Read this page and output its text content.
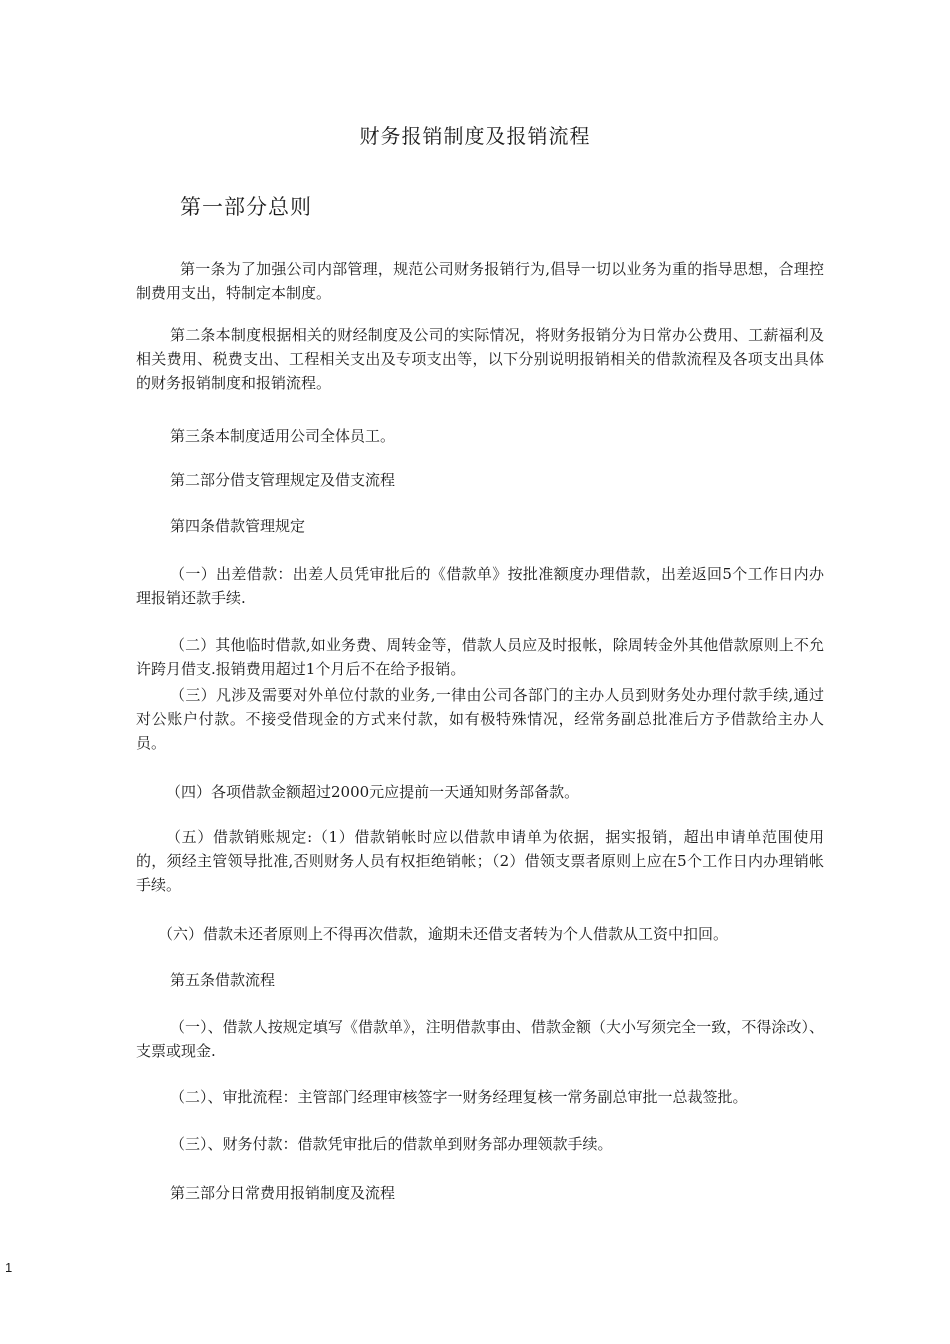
财务报销制度及报销流程
第一部分总则

第一条为了加强公司内部管理，规范公司财务报销行为,倡导一切以业务为重的指导思想，合理控制费用支出，特制定本制度。

第二条本制度根据相关的财经制度及公司的实际情况，将财务报销分为日常办公费用、工薪福利及相关费用、税费支出、工程相关支出及专项支出等，以下分别说明报销相关的借款流程及各项支出具体的财务报销制度和报销流程。

第三条本制度适用公司全体员工。

第二部分借支管理规定及借支流程

第四条借款管理规定

（一）出差借款：出差人员凭审批后的《借款单》按批准额度办理借款，出差返回5个工作日内办理报销还款手续.

（二）其他临时借款,如业务费、周转金等，借款人员应及时报帐，除周转金外其他借款原则上不允许跨月借支.报销费用超过1个月后不在给予报销。

（三）凡涉及需要对外单位付款的业务,一律由公司各部门的主办人员到财务处办理付款手续,通过对公账户付款。不接受借现金的方式来付款，如有极特殊情况，经常务副总批准后方予借款给主办人员。

（四）各项借款金额超过2000元应提前一天通知财务部备款。

（五）借款销账规定:（1）借款销帐时应以借款申请单为依据，据实报销，超出申请单范围使用的，须经主管领导批准,否则财务人员有权拒绝销帐；（2）借领支票者原则上应在5个工作日内办理销帐手续。

（六）借款未还者原则上不得再次借款，逾期未还借支者转为个人借款从工资中扣回。

第五条借款流程

（一）、借款人按规定填写《借款单》，注明借款事由、借款金额（大小写须完全一致，不得涂改）、支票或现金.

（二）、审批流程：主管部门经理审核签字一财务经理复核一常务副总审批一总裁签批。

（三）、财务付款：借款凭审批后的借款单到财务部办理领款手续。

第三部分日常费用报销制度及流程

1
